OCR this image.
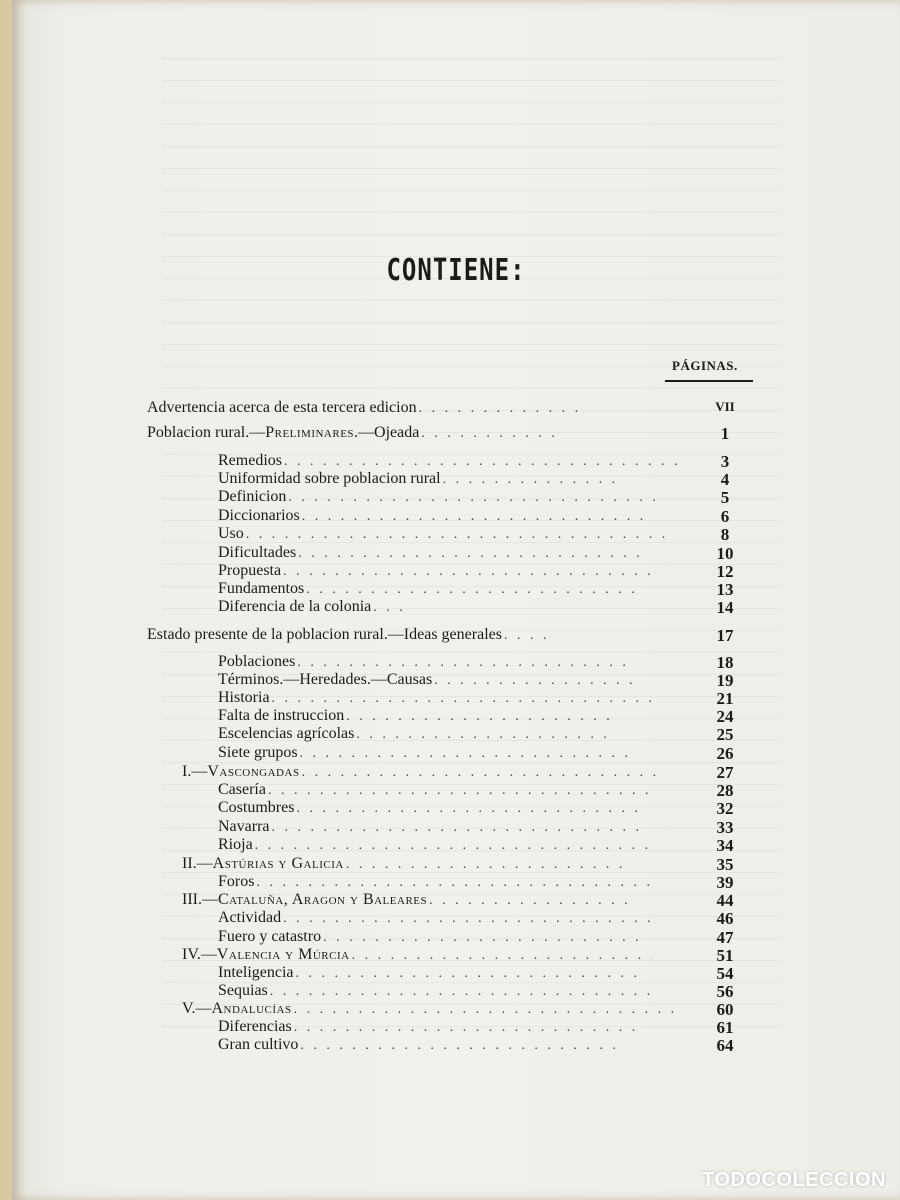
CONTIENE:
PÁGINAS.
Advertencia acerca de esta tercera edicion . . .	VII
Poblacion rural.—Preliminares.—Ojeada . . .	1
Remedios . . .	3
Uniformidad sobre poblacion rural . . .	4
Definicion . . .	5
Diccionarios . . .	6
Uso . . .	8
Dificultades . . .	10
Propuesta . . .	12
Fundamentos . . .	13
Diferencia de la colonia . . .	14
Estado presente de la poblacion rural.—Ideas generales . . .	17
Poblaciones . . .	18
Términos.—Heredades.—Causas . . .	19
Historia . . .	21
Falta de instruccion . . .	24
Escelencias agrícolas . . .	25
Siete grupos . . .	26
I.—Vascongadas . . .	27
Casería . . .	28
Costumbres . . .	32
Navarra . . .	33
Rioja . . .	34
II.—Astúrias y Galicia . . .	35
Foros . . .	39
III.—Cataluña, Aragon y Baleares . . .	44
Actividad . . .	46
Fuero y catastro . . .	47
IV.—Valencia y Múrcia . . .	51
Inteligencia . . .	54
Sequias . . .	56
V.—Andalucías . . .	60
Diferencias . . .	61
Gran cultivo . . .	64
TODOCOLECCION
